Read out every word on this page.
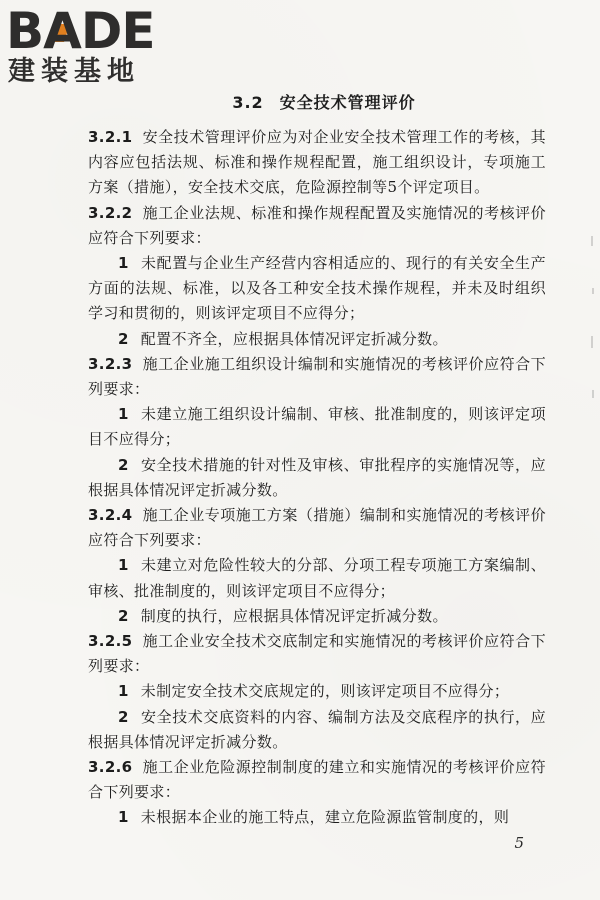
B
ADE
建装基地
3.2 安全技术管理评价

3.2.1 安全技术管理评价应为对企业安全技术管理工作的考核，其内容应包括法规、标准和操作规程配置，施工组织设计，专项施工方案（措施），安全技术交底，危险源控制等5个评定项目。

3.2.2 施工企业法规、标准和操作规程配置及实施情况的考核评价应符合下列要求：

1 未配置与企业生产经营内容相适应的、现行的有关安全生产方面的法规、标准，以及各工种安全技术操作规程，并未及时组织学习和贯彻的，则该评定项目不应得分；

2 配置不齐全，应根据具体情况评定折减分数。

3.2.3 施工企业施工组织设计编制和实施情况的考核评价应符合下列要求：

1 未建立施工组织设计编制、审核、批准制度的，则该评定项目不应得分；

2 安全技术措施的针对性及审核、审批程序的实施情况等，应根据具体情况评定折减分数。

3.2.4 施工企业专项施工方案（措施）编制和实施情况的考核评价应符合下列要求：

1 未建立对危险性较大的分部、分项工程专项施工方案编制、审核、批准制度的，则该评定项目不应得分；

2 制度的执行，应根据具体情况评定折减分数。

3.2.5 施工企业安全技术交底制定和实施情况的考核评价应符合下列要求：

1 未制定安全技术交底规定的，则该评定项目不应得分；

2 安全技术交底资料的内容、编制方法及交底程序的执行，应根据具体情况评定折减分数。

3.2.6 施工企业危险源控制制度的建立和实施情况的考核评价应符合下列要求：

1 未根据本企业的施工特点，建立危险源监管制度的，则

5
